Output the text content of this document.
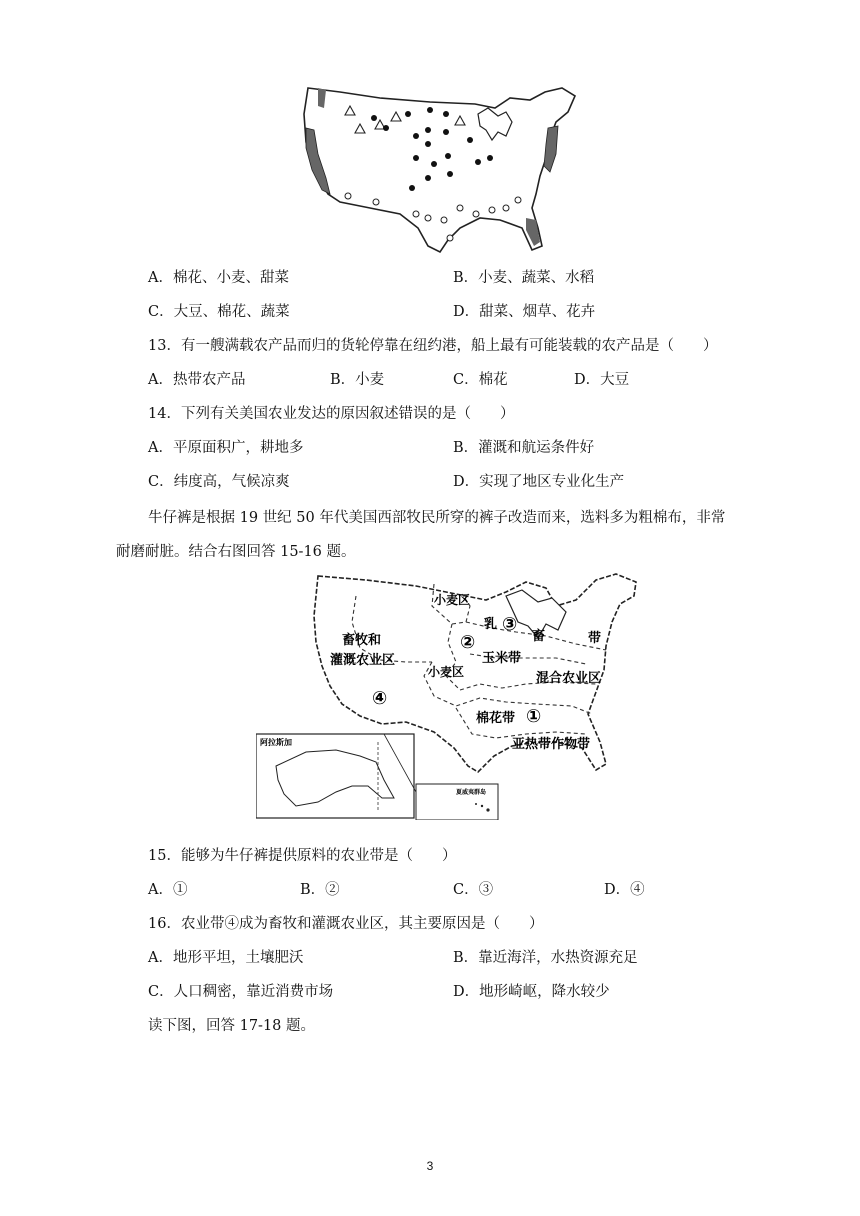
A．棉花、小麦、甜菜	B．小麦、蔬菜、水稻
C．大豆、棉花、蔬菜	D．甜菜、烟草、花卉
13．有一艘满载农产品而归的货轮停靠在纽约港，船上最有可能装载的农产品是（　　）
A．热带农产品	B．小麦	C．棉花	D．大豆
14．下列有关美国农业发达的原因叙述错误的是（　　）
A．平原面积广，耕地多	B．灌溉和航运条件好
C．纬度高，气候凉爽	D．实现了地区专业化生产
牛仔裤是根据 19 世纪 50 年代美国西部牧民所穿的裤子改造而来，选料多为粗棉布，非常
耐磨耐脏。结合右图回答 15-16 题。
小麦区
畜牧和
灌溉农业区
④
乳 ③
畜	带
②
玉米带
小麦区	混合农业区
棉花带 ①
亚热带作物带
阿拉斯加
夏威夷群岛
15．能够为牛仔裤提供原料的农业带是（　　）
A．①	B．②	C．③	D．④
16．农业带④成为畜牧和灌溉农业区，其主要原因是（　　）
A．地形平坦，土壤肥沃	B．靠近海洋，水热资源充足
C．人口稠密，靠近消费市场	D．地形崎岖，降水较少
读下图，回答 17-18 题。
3
